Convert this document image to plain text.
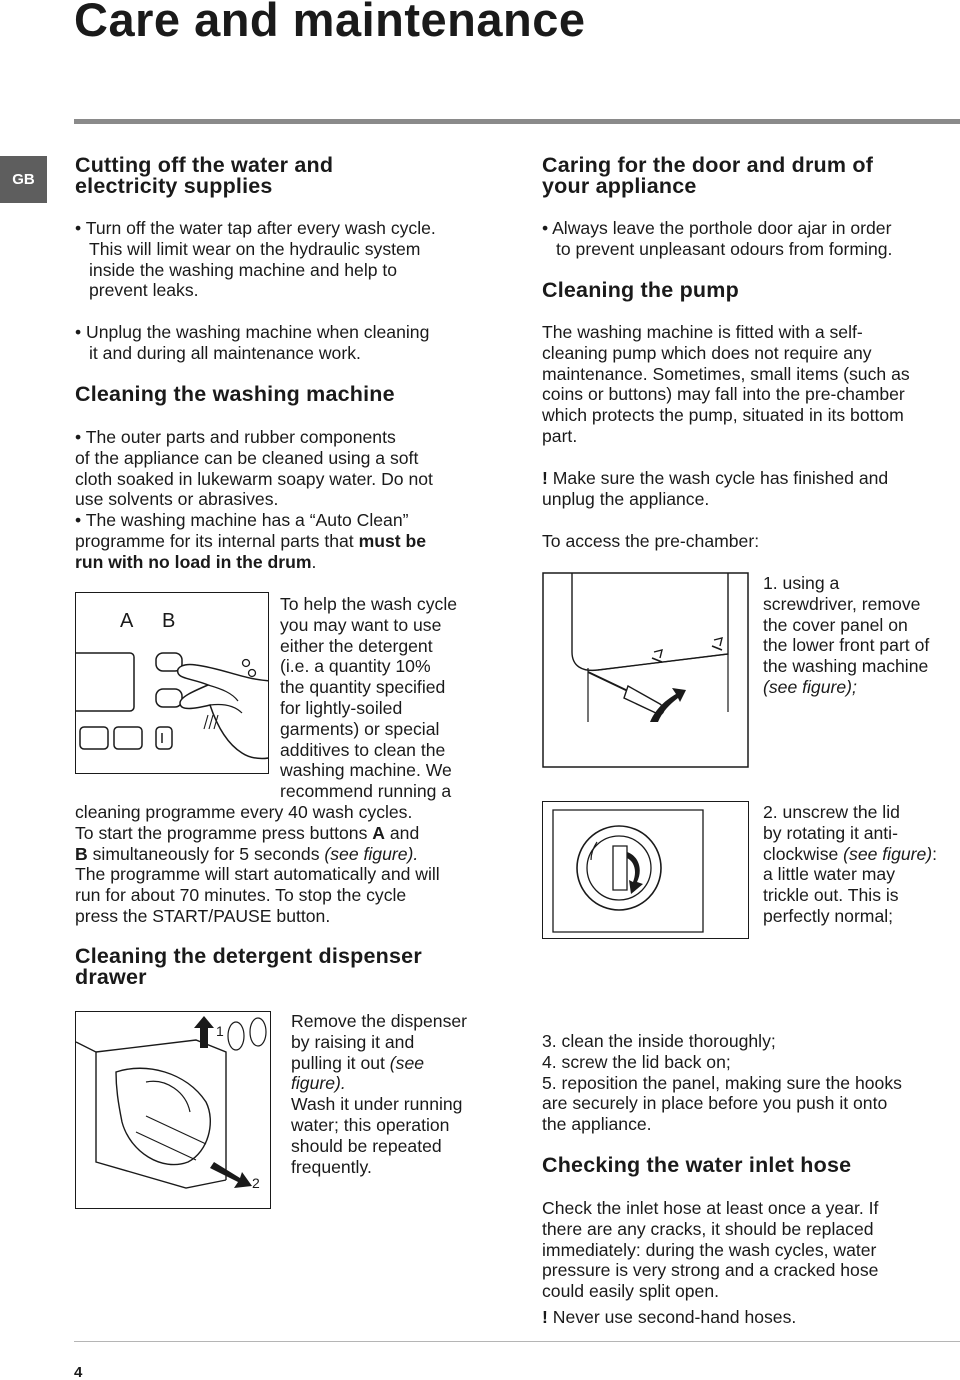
Care and maintenance
GB
Cutting off the water and
electricity supplies
• Turn off the water tap after every wash cycle.
This will limit wear on the hydraulic system
inside the washing machine and help to
prevent leaks.
• Unplug the washing machine when cleaning
it and during all maintenance work.
Cleaning the washing machine
• The outer parts and rubber components
of the appliance can be cleaned using a soft
cloth soaked in lukewarm soapy water. Do not
use solvents or abrasives.
• The washing machine has a “Auto Clean”
programme for its internal parts that must be
run with no load in the drum.
A B
To help the wash cycle
you may want to use
either the detergent
(i.e. a quantity 10%
the quantity specified
for lightly-soiled
garments) or special
additives to clean the
washing machine. We
recommend running a
cleaning programme every 40 wash cycles.
To start the programme press buttons A and
B simultaneously for 5 seconds (see figure).
The programme will start automatically and will
run for about 70 minutes. To stop the cycle
press the START/PAUSE button.
Cleaning the detergent dispenser
drawer
1
2
Remove the dispenser
by raising it and
pulling it out (see
figure).
Wash it under running
water; this operation
should be repeated
frequently.
Caring for the door and drum of
your appliance
• Always leave the porthole door ajar in order
to prevent unpleasant odours from forming.
Cleaning the pump
The washing machine is fitted with a self-
cleaning pump which does not require any
maintenance. Sometimes, small items (such as
coins or buttons) may fall into the pre-chamber
which protects the pump, situated in its bottom
part.
! Make sure the wash cycle has finished and
unplug the appliance.
To access the pre-chamber:
1. using a
screwdriver, remove
the cover panel on
the lower front part of
the washing machine
(see figure);
2. unscrew the lid
by rotating it anti-
clockwise (see figure):
a little water may
trickle out. This is
perfectly normal;
3. clean the inside thoroughly;
4. screw the lid back on;
5. reposition the panel, making sure the hooks
are securely in place before you push it onto
the appliance.
Checking the water inlet hose
Check the inlet hose at least once a year. If
there are any cracks, it should be replaced
immediately: during the wash cycles, water
pressure is very strong and a cracked hose
could easily split open.
! Never use second-hand hoses.
4
